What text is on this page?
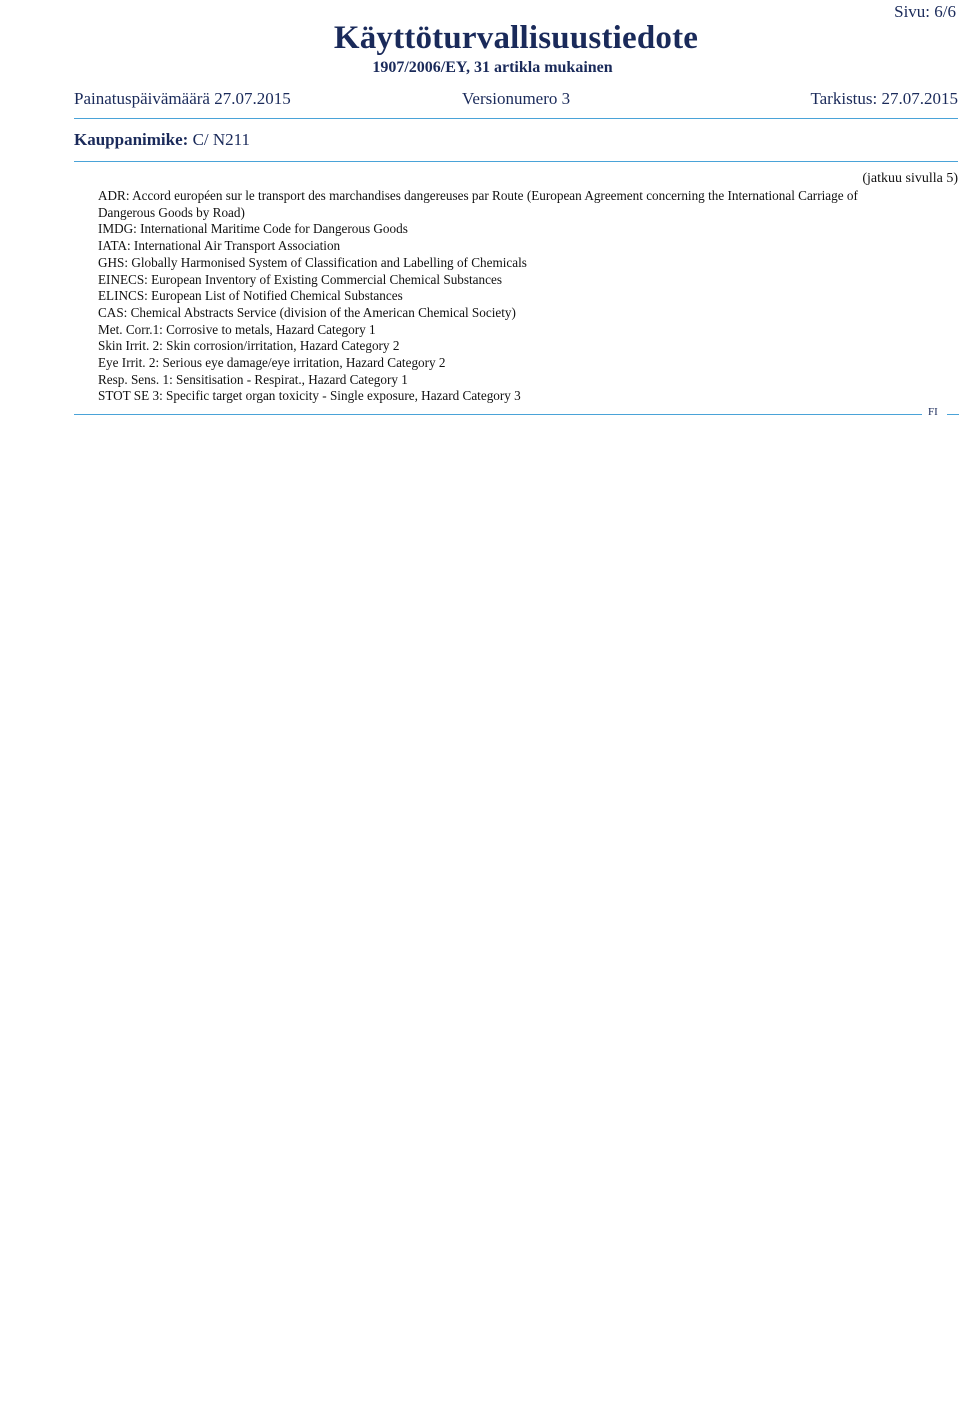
Sivu: 6/6
Käyttöturvallisuustiedote
1907/2006/EY, 31 artikla mukainen
Painatuspäivämäärä 27.07.2015	Versionumero 3	Tarkistus: 27.07.2015
Kauppanimike: C/ N211
(jatkuu sivulla 5)
ADR: Accord européen sur le transport des marchandises dangereuses par Route (European Agreement concerning the International Carriage of Dangerous Goods by Road)
IMDG: International Maritime Code for Dangerous Goods
IATA: International Air Transport Association
GHS: Globally Harmonised System of Classification and Labelling of Chemicals
EINECS: European Inventory of Existing Commercial Chemical Substances
ELINCS: European List of Notified Chemical Substances
CAS: Chemical Abstracts Service (division of the American Chemical Society)
Met. Corr.1: Corrosive to metals, Hazard Category 1
Skin Irrit. 2: Skin corrosion/irritation, Hazard Category 2
Eye Irrit. 2: Serious eye damage/eye irritation, Hazard Category 2
Resp. Sens. 1: Sensitisation - Respirat., Hazard Category 1
STOT SE 3: Specific target organ toxicity - Single exposure, Hazard Category 3
FI
